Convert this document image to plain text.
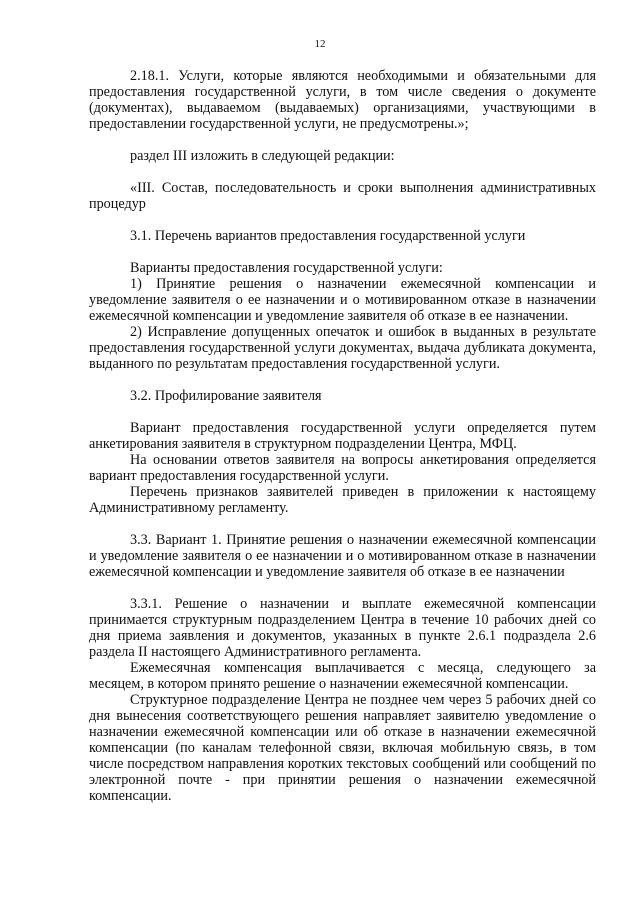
12

2.18.1. Услуги, которые являются необходимыми и обязательными для предоставления государственной услуги, в том числе сведения о документе (документах), выдаваемом (выдаваемых) организациями, участвующими в предоставлении государственной услуги, не предусмотрены.»;

раздел III изложить в следующей редакции:

«III. Состав, последовательность и сроки выполнения административных процедур

3.1. Перечень вариантов предоставления государственной услуги

Варианты предоставления государственной услуги:

1) Принятие решения о назначении ежемесячной компенсации и уведомление заявителя о ее назначении и о мотивированном отказе в назначении ежемесячной компенсации и уведомление заявителя об отказе в ее назначении.

2) Исправление допущенных опечаток и ошибок в выданных в результате предоставления государственной услуги документах, выдача дубликата документа, выданного по результатам предоставления государственной услуги.

3.2. Профилирование заявителя

Вариант предоставления государственной услуги определяется путем анкетирования заявителя в структурном подразделении Центра, МФЦ.

На основании ответов заявителя на вопросы анкетирования определяется вариант предоставления государственной услуги.

Перечень признаков заявителей приведен в приложении к настоящему Административному регламенту.

3.3. Вариант 1. Принятие решения о назначении ежемесячной компенсации и уведомление заявителя о ее назначении и о мотивированном отказе в назначении ежемесячной компенсации и уведомление заявителя об отказе в ее назначении

3.3.1. Решение о назначении и выплате ежемесячной компенсации принимается структурным подразделением Центра в течение 10 рабочих дней со дня приема заявления и документов, указанных в пункте 2.6.1 подраздела 2.6 раздела II настоящего Административного регламента.

Ежемесячная компенсация выплачивается с месяца, следующего за месяцем, в котором принято решение о назначении ежемесячной компенсации.

Структурное подразделение Центра не позднее чем через 5 рабочих дней со дня вынесения соответствующего решения направляет заявителю уведомление о назначении ежемесячной компенсации или об отказе в назначении ежемесячной компенсации (по каналам телефонной связи, включая мобильную связь, в том числе посредством направления коротких текстовых сообщений или сообщений по электронной почте - при принятии решения о назначении ежемесячной компенсации.
